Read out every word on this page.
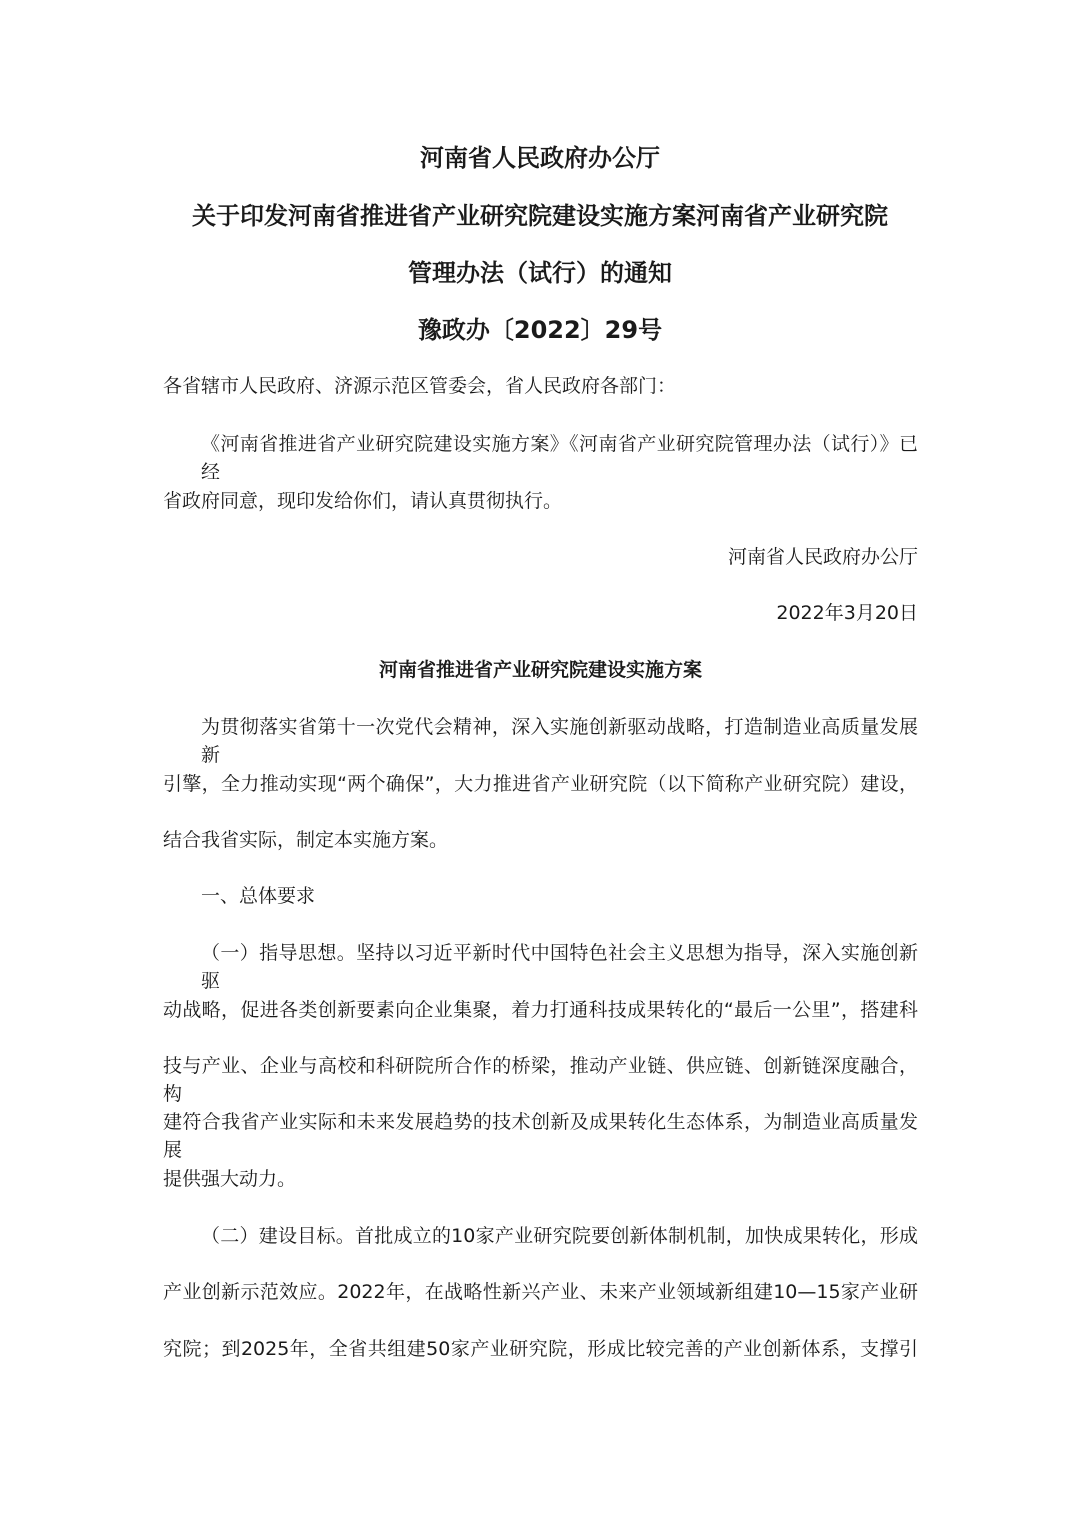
河南省人民政府办公厅
关于印发河南省推进省产业研究院建设实施方案河南省产业研究院
管理办法（试行）的通知
豫政办〔2022〕29号
各省辖市人民政府、济源示范区管委会，省人民政府各部门：
《河南省推进省产业研究院建设实施方案》《河南省产业研究院管理办法（试行）》已经
省政府同意，现印发给你们，请认真贯彻执行。
河南省人民政府办公厅
2022年3月20日
河南省推进省产业研究院建设实施方案
为贯彻落实省第十一次党代会精神，深入实施创新驱动战略，打造制造业高质量发展新
引擎，全力推动实现“两个确保”，大力推进省产业研究院（以下简称产业研究院）建设，
结合我省实际，制定本实施方案。
一、总体要求
（一）指导思想。坚持以习近平新时代中国特色社会主义思想为指导，深入实施创新驱
动战略，促进各类创新要素向企业集聚，着力打通科技成果转化的“最后一公里”，搭建科
技与产业、企业与高校和科研院所合作的桥梁，推动产业链、供应链、创新链深度融合，构
建符合我省产业实际和未来发展趋势的技术创新及成果转化生态体系，为制造业高质量发展
提供强大动力。
（二）建设目标。首批成立的10家产业研究院要创新体制机制，加快成果转化，形成
产业创新示范效应。2022年，在战略性新兴产业、未来产业领域新组建10—15家产业研
究院；到2025年，全省共组建50家产业研究院，形成比较完善的产业创新体系，支撑引
